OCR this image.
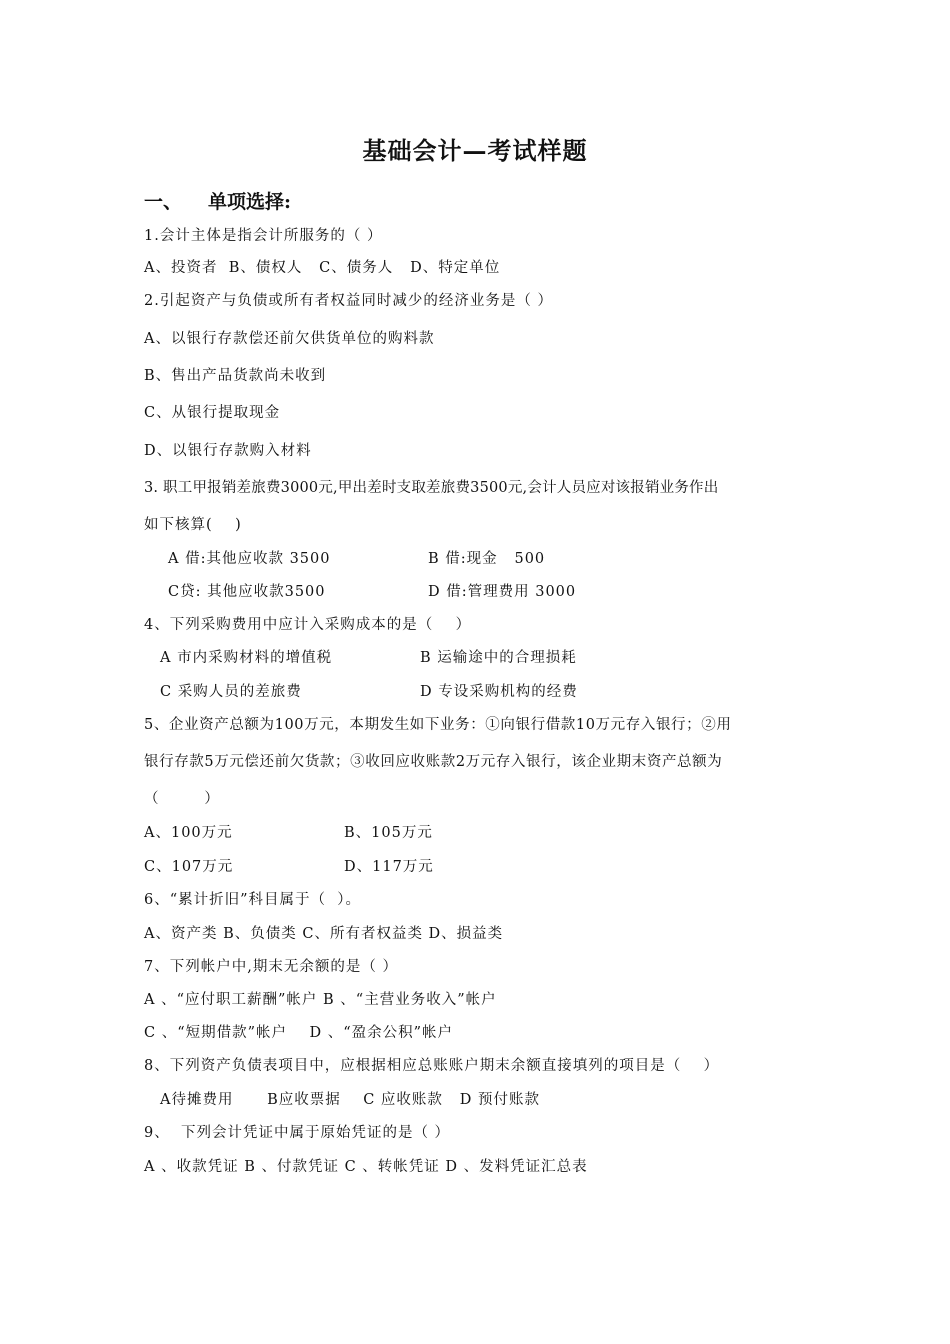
基础会计—考试样题
一、 单项选择:
1.会计主体是指会计所服务的（ ）
A、投资者  B、债权人   C、债务人   D、特定单位
2.引起资产与负债或所有者权益同时减少的经济业务是（ ）
A、以银行存款偿还前欠供货单位的购料款
B、售出产品货款尚未收到
C、从银行提取现金
D、以银行存款购入材料
3. 职工甲报销差旅费3000元,甲出差时支取差旅费3500元,会计人员应对该报销业务作出
如下核算(    )
A 借:其他应收款 3500	B 借:现金   500
C贷: 其他应收款3500	D 借:管理费用 3000
4、下列采购费用中应计入采购成本的是（    ）
A 市内采购材料的增值税	B 运输途中的合理损耗
C 采购人员的差旅费	D 专设采购机构的经费
5、企业资产总额为100万元，本期发生如下业务：①向银行借款10万元存入银行；②用
银行存款5万元偿还前欠货款；③收回应收账款2万元存入银行，该企业期末资产总额为
（        ）
A、100万元	B、105万元
C、107万元	D、117万元
6、“累计折旧”科目属于（  ）。
A、资产类 B、负债类 C、所有者权益类 D、损益类
7、下列帐户中,期末无余额的是（ ）
A 、“应付职工薪酬”帐户 B 、“主营业务收入”帐户
C 、“短期借款”帐户    D 、“盈余公积”帐户
8、下列资产负债表项目中，应根据相应总账账户期末余额直接填列的项目是（    ）
A待摊费用      B应收票据    C 应收账款   D 预付账款
9、  下列会计凭证中属于原始凭证的是（ ）
A 、收款凭证 B 、付款凭证 C 、转帐凭证 D 、发料凭证汇总表
